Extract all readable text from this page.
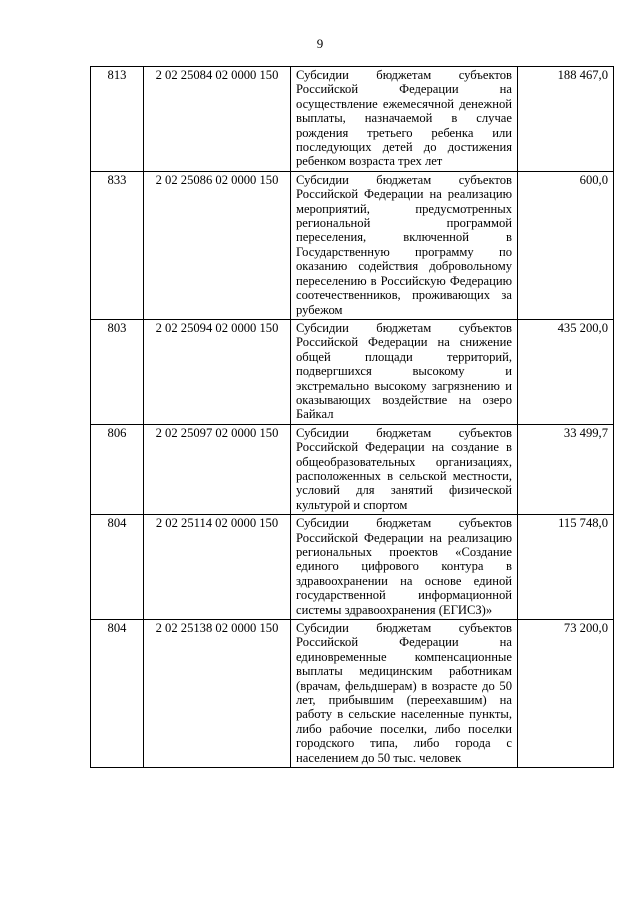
9
813	2 02 25084 02 0000 150	Субсидии бюджетам субъектов Российской Федерации на осуществление ежемесячной денежной выплаты, назначаемой в случае рождения третьего ребенка или последующих детей до достижения ребенком возраста трех лет	188 467,0
833	2 02 25086 02 0000 150	Субсидии бюджетам субъектов Российской Федерации на реализацию мероприятий, предусмотренных региональной программой переселения, включенной в Государственную программу по оказанию содействия добровольному переселению в Российскую Федерацию соотечественников, проживающих за рубежом	600,0
803	2 02 25094 02 0000 150	Субсидии бюджетам субъектов Российской Федерации на снижение общей площади территорий, подвергшихся высокому и экстремально высокому загрязнению и оказывающих воздействие на озеро Байкал	435 200,0
806	2 02 25097 02 0000 150	Субсидии бюджетам субъектов Российской Федерации на создание в общеобразовательных организациях, расположенных в сельской местности, условий для занятий физической культурой и спортом	33 499,7
804	2 02 25114 02 0000 150	Субсидии бюджетам субъектов Российской Федерации на реализацию региональных проектов «Создание единого цифрового контура в здравоохранении на основе единой государственной информационной системы здравоохранения (ЕГИСЗ)»	115 748,0
804	2 02 25138 02 0000 150	Субсидии бюджетам субъектов Российской Федерации на единовременные компенсационные выплаты медицинским работникам (врачам, фельдшерам) в возрасте до 50 лет, прибывшим (переехавшим) на работу в сельские населенные пункты, либо рабочие поселки, либо поселки городского типа, либо города с населением до 50 тыс. человек	73 200,0
